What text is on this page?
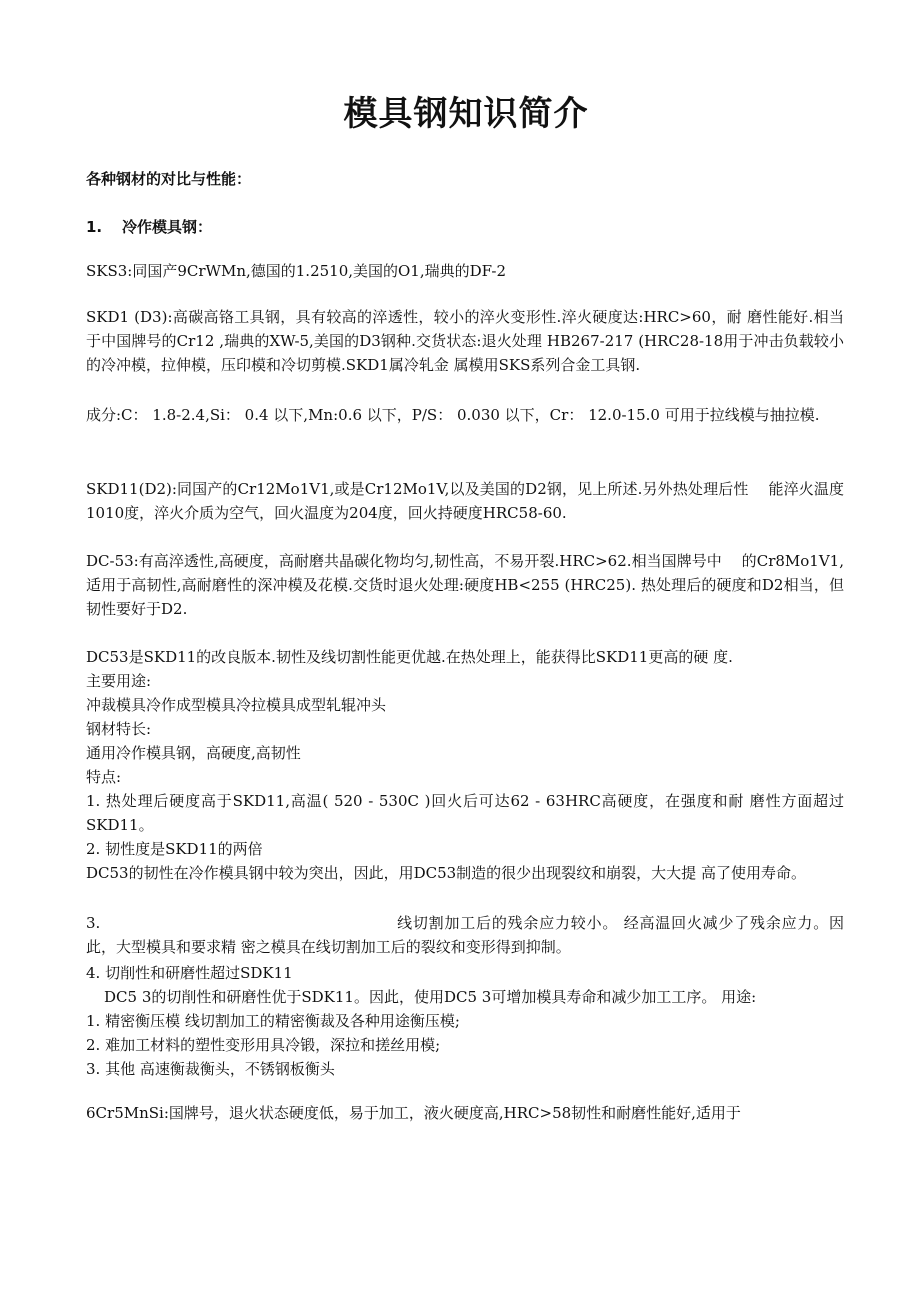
模具钢知识简介
各种钢材的对比与性能：
1. 冷作模具钢：

SKS3:同国产9CrWMn,德国的1.2510,美国的O1,瑞典的DF-2

SKD1 (D3):高碳高铬工具钢，具有较高的淬透性，较小的淬火变形性.淬火硬度达:HRC>60，耐 磨性能好.相当于中国牌号的Cr12 ,瑞典的XW-5,美国的D3钢种.交货状态:退火处理 HB267-217 (HRC28-18用于冲击负载较小的冷冲模，拉伸模，压印模和冷切剪模.SKD1属冷轧金 属模用SKS系列合金工具钢.

成分:C： 1.8-2.4,Si： 0.4 以下,Mn:0.6 以下，P/S： 0.030 以下，Cr： 12.0-15.0 可用于拉线模与抽拉模.

SKD11(D2):同国产的Cr12Mo1V1,或是Cr12Mo1V,以及美国的D2钢，见上所述.另外热处理后性　 能淬火温度1010度，淬火介质为空气，回火温度为204度，回火持硬度HRC58-60.

DC-53:有高淬透性,高硬度，高耐磨共晶碳化物均匀,韧性高，不易开裂.HRC>62.相当国牌号中　 的Cr8Mo1V1,适用于高韧性,高耐磨性的深冲模及花模.交货时退火处理:硬度HB<255 (HRC25). 热处理后的硬度和D2相当，但韧性要好于D2.

DC53是SKD11的改良版本.韧性及线切割性能更优越.在热处理上，能获得比SKD11更高的硬 度.

主要用途:

冲裁模具冷作成型模具冷拉模具成型轧辊冲头

钢材特长:

通用冷作模具钢，高硬度,高韧性

特点:

1. 热处理后硬度高于SKD11,高温( 520 - 530C )回火后可达62 - 63HRC高硬度，在强度和耐 磨性方面超过SKD11。

2. 韧性度是SKD11的两倍

DC53的韧性在冷作模具钢中较为突出，因此，用DC53制造的很少出现裂纹和崩裂，大大提 高了使用寿命。

3.	线切割加工后的残余应力较小。 经高温回火减少了残余应力。因此，大型模具和要求精 密之模具在线切割加工后的裂纹和变形得到抑制。

4. 切削性和研磨性超过SDK11

DC5 3的切削性和研磨性优于SDK11。因此，使用DC5 3可增加模具寿命和减少加工工序。 用途:

1. 精密衡压模 线切割加工的精密衡裁及各种用途衡压模;

2. 难加工材料的塑性变形用具冷锻，深拉和搓丝用模;

3. 其他 高速衡裁衡头，不锈钢板衡头

6Cr5MnSi:国牌号，退火状态硬度低，易于加工，液火硬度高,HRC>58韧性和耐磨性能好,适用于
